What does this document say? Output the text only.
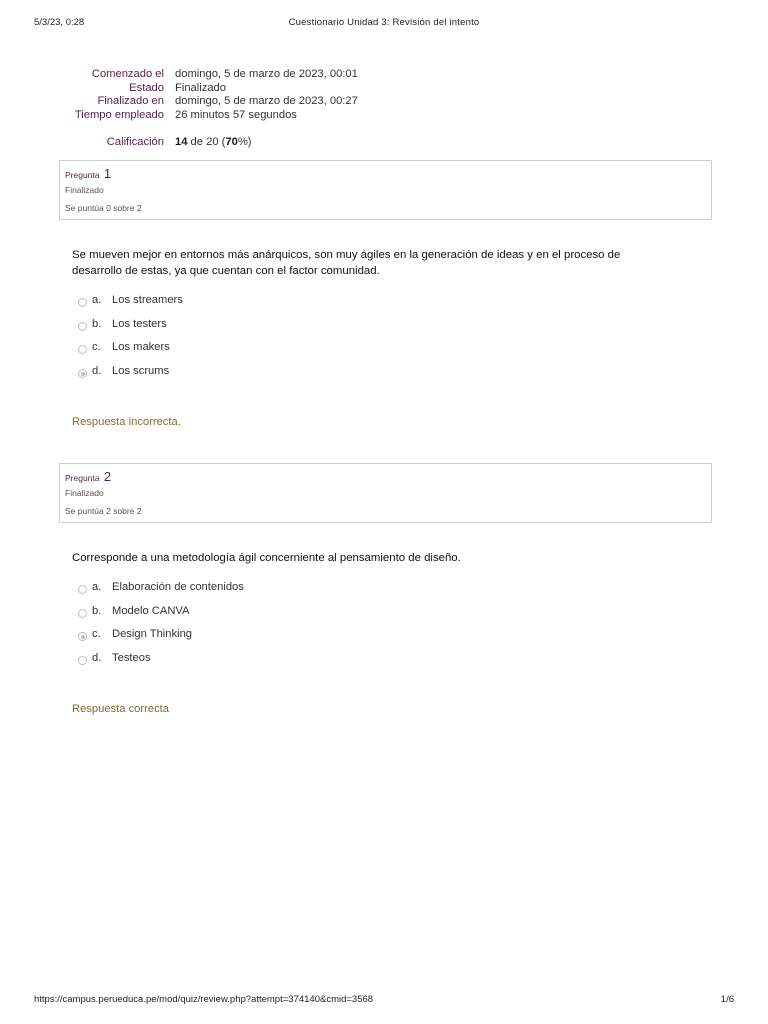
5/3/23, 0:28	Cuestionario Unidad 3: Revisión del intento
Comenzado el domingo, 5 de marzo de 2023, 00:01
Estado Finalizado
Finalizado en domingo, 5 de marzo de 2023, 00:27
Tiempo empleado 26 minutos 57 segundos
Calificación 14 de 20 (70%)
Pregunta 1
Finalizado
Se puntúa 0 sobre 2
Se mueven mejor en entornos más anárquicos, son muy ágiles en la generación de ideas y en el proceso de desarrollo de estas, ya que cuentan con el factor comunidad.
a. Los streamers
b. Los testers
c. Los makers
d. Los scrums
Respuesta incorrecta.
Pregunta 2
Finalizado
Se puntúa 2 sobre 2
Corresponde a una metodología ágil concerniente al pensamiento de diseño.
a. Elaboración de contenidos
b. Modelo CANVA
c. Design Thinking
d. Testeos
Respuesta correcta
https://campus.perueduca.pe/mod/quiz/review.php?attempt=374140&cmid=3568	1/6
